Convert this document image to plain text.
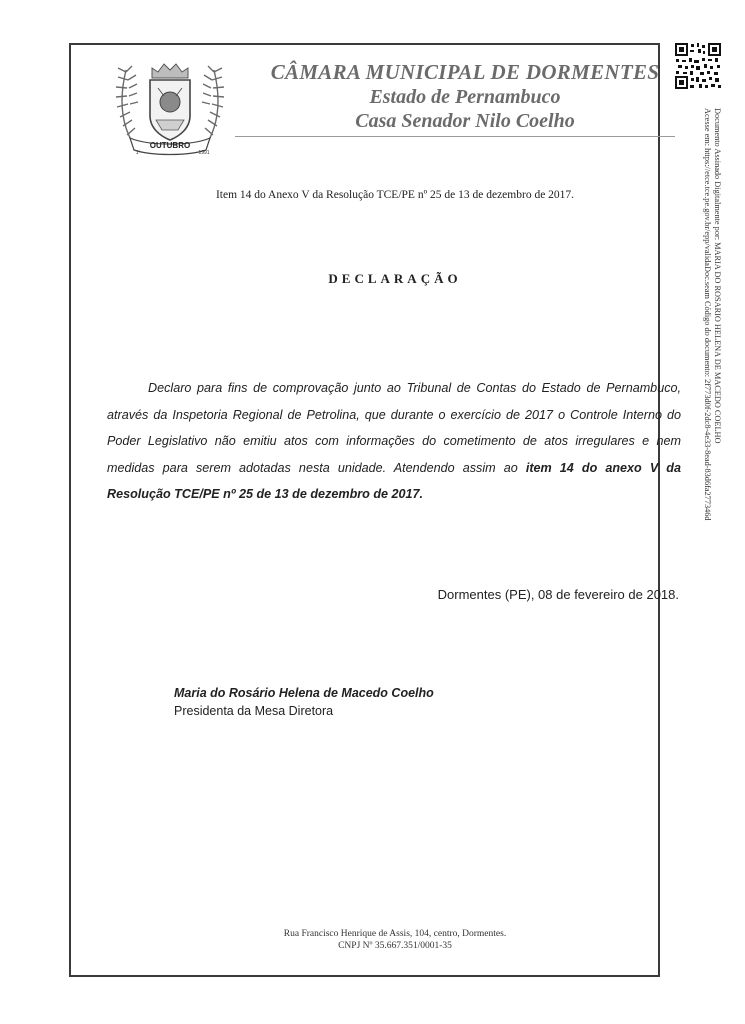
OUTUBRO
1º	1991
CÂMARA MUNICIPAL DE DORMENTES
Estado de Pernambuco
Casa Senador Nilo Coelho
Item 14 do Anexo V da Resolução TCE/PE nº 25 de 13 de dezembro de 2017.
DECLARAÇÃO

Declaro para fins de comprovação junto ao Tribunal de Contas do Estado de Pernambuco, através da Inspetoria Regional de Petrolina, que durante o exercício de 2017 o Controle Interno do Poder Legislativo não emitiu atos com informações do cometimento de atos irregulares e nem medidas para serem adotadas nesta unidade. Atendendo assim ao item 14 do anexo V da Resolução TCE/PE nº 25 de 13 de dezembro de 2017.

Dormentes (PE), 08 de fevereiro de 2018.
Maria do Rosário Helena de Macedo Coelho
Presidenta da Mesa Diretora
Rua Francisco Henrique de Assis, 104, centro, Dormentes.
CNPJ Nº 35.667.351/0001-35
Documento Assinado Digitalmente por: MARIA DO ROSARIO HELENA DE MACEDO COELHO
Acesse em: https://etce.tce.pe.gov.br/epp/validaDoc.seam Código do documento: 2f773d0f-2dc8-4e33-8ead-83d6fa277346d
